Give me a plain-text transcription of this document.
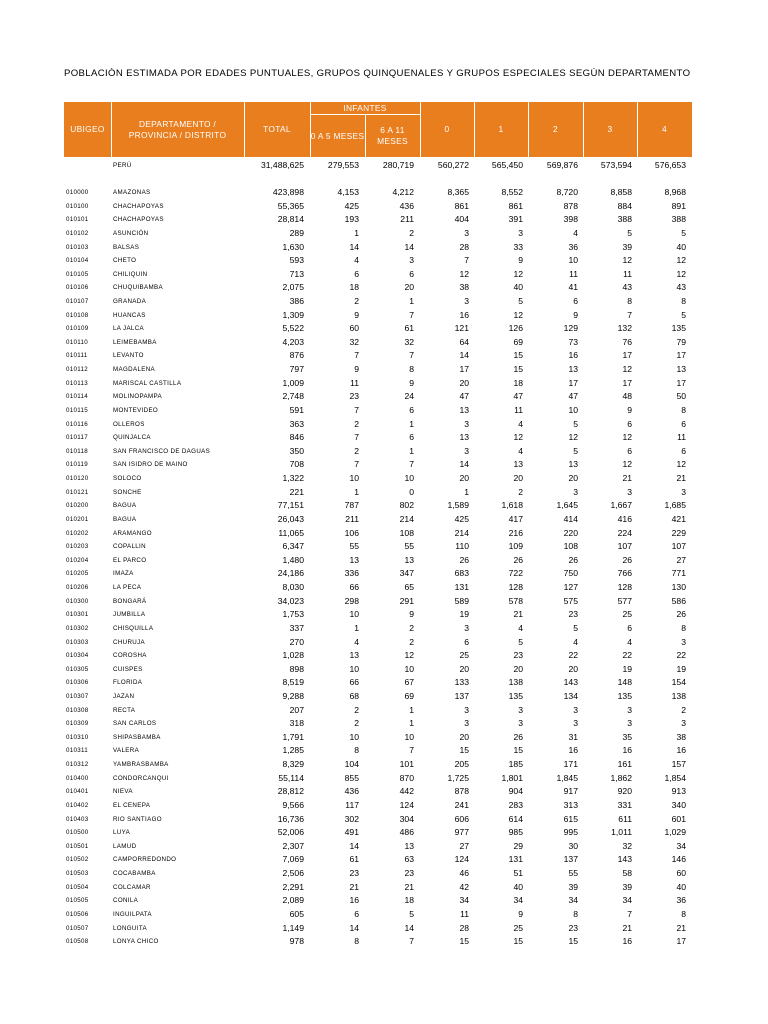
POBLACIÓN ESTIMADA POR EDADES PUNTUALES, GRUPOS QUINQUENALES Y GRUPOS ESPECIALES SEGÚN DEPARTAMENTO
UBIGEO
DEPARTAMENTO /
PROVINCIA / DISTRITO
TOTAL
INFANTES
0 A 5 MESES
6 A 11 MESES
0	1	2	3	4
PERÚ	31,488,625	279,553	280,719	560,272	565,450	569,876	573,594	576,653
010000	AMAZONAS	423,898	4,153	4,212	8,365	8,552	8,720	8,858	8,968
010100	CHACHAPOYAS	55,365	425	436	861	861	878	884	891
010101	CHACHAPOYAS	28,814	193	211	404	391	398	388	388
010102	ASUNCIÓN	289	1	2	3	3	4	5	5
010103	BALSAS	1,630	14	14	28	33	36	39	40
010104	CHETO	593	4	3	7	9	10	12	12
010105	CHILIQUIN	713	6	6	12	12	11	11	12
010106	CHUQUIBAMBA	2,075	18	20	38	40	41	43	43
010107	GRANADA	386	2	1	3	5	6	8	8
010108	HUANCAS	1,309	9	7	16	12	9	7	5
010109	LA JALCA	5,522	60	61	121	126	129	132	135
010110	LEIMEBAMBA	4,203	32	32	64	69	73	76	79
010111	LEVANTO	876	7	7	14	15	16	17	17
010112	MAGDALENA	797	9	8	17	15	13	12	13
010113	MARISCAL CASTILLA	1,009	11	9	20	18	17	17	17
010114	MOLINOPAMPA	2,748	23	24	47	47	47	48	50
010115	MONTEVIDEO	591	7	6	13	11	10	9	8
010116	OLLEROS	363	2	1	3	4	5	6	6
010117	QUINJALCA	846	7	6	13	12	12	12	11
010118	SAN FRANCISCO DE DAGUAS	350	2	1	3	4	5	6	6
010119	SAN ISIDRO DE MAINO	708	7	7	14	13	13	12	12
010120	SOLOCO	1,322	10	10	20	20	20	21	21
010121	SONCHE	221	1	0	1	2	3	3	3
010200	BAGUA	77,151	787	802	1,589	1,618	1,645	1,667	1,685
010201	BAGUA	26,043	211	214	425	417	414	416	421
010202	ARAMANGO	11,065	106	108	214	216	220	224	229
010203	COPALLIN	6,347	55	55	110	109	108	107	107
010204	EL PARCO	1,480	13	13	26	26	26	26	27
010205	IMAZA	24,186	336	347	683	722	750	766	771
010206	LA PECA	8,030	66	65	131	128	127	128	130
010300	BONGARÁ	34,023	298	291	589	578	575	577	586
010301	JUMBILLA	1,753	10	9	19	21	23	25	26
010302	CHISQUILLA	337	1	2	3	4	5	6	8
010303	CHURUJA	270	4	2	6	5	4	4	3
010304	COROSHA	1,028	13	12	25	23	22	22	22
010305	CUISPES	898	10	10	20	20	20	19	19
010306	FLORIDA	8,519	66	67	133	138	143	148	154
010307	JAZAN	9,288	68	69	137	135	134	135	138
010308	RECTA	207	2	1	3	3	3	3	2
010309	SAN CARLOS	318	2	1	3	3	3	3	3
010310	SHIPASBAMBA	1,791	10	10	20	26	31	35	38
010311	VALERA	1,285	8	7	15	15	16	16	16
010312	YAMBRASBAMBA	8,329	104	101	205	185	171	161	157
010400	CONDORCANQUI	55,114	855	870	1,725	1,801	1,845	1,862	1,854
010401	NIEVA	28,812	436	442	878	904	917	920	913
010402	EL CENEPA	9,566	117	124	241	283	313	331	340
010403	RIO SANTIAGO	16,736	302	304	606	614	615	611	601
010500	LUYA	52,006	491	486	977	985	995	1,011	1,029
010501	LAMUD	2,307	14	13	27	29	30	32	34
010502	CAMPORREDONDO	7,069	61	63	124	131	137	143	146
010503	COCABAMBA	2,506	23	23	46	51	55	58	60
010504	COLCAMAR	2,291	21	21	42	40	39	39	40
010505	CONILA	2,089	16	18	34	34	34	34	36
010506	INGUILPATA	605	6	5	11	9	8	7	8
010507	LONGUITA	1,149	14	14	28	25	23	21	21
010508	LONYA CHICO	978	8	7	15	15	15	16	17
